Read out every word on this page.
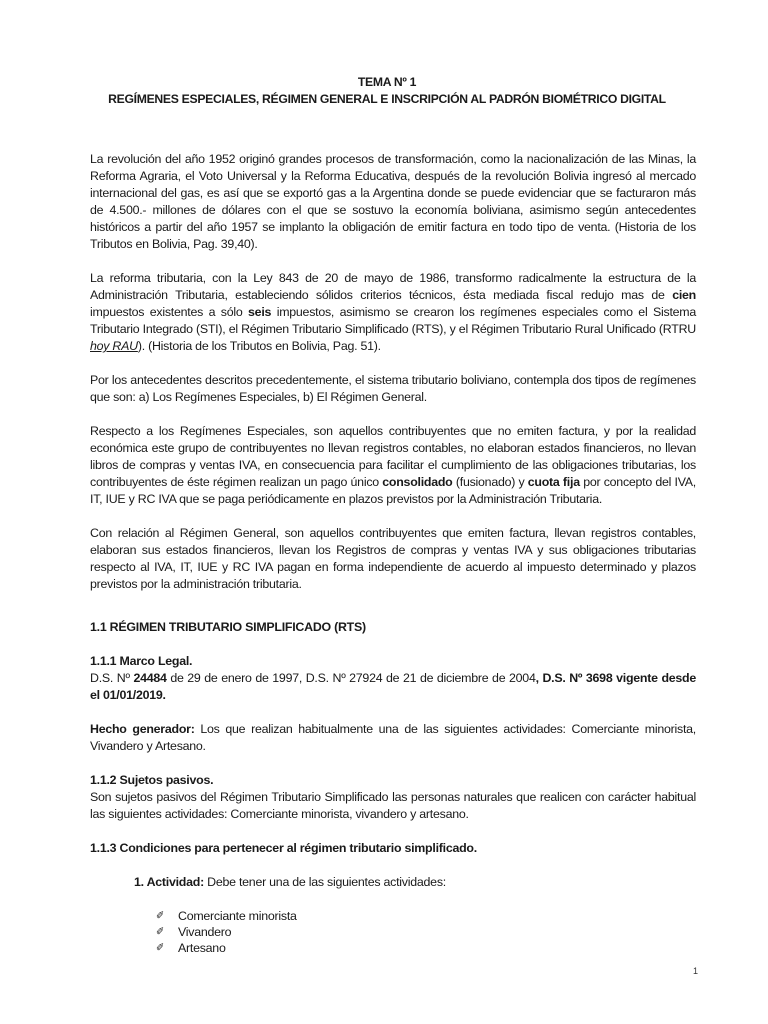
TEMA Nº 1
REGÍMENES ESPECIALES, RÉGIMEN GENERAL E INSCRIPCIÓN AL PADRÓN BIOMÉTRICO DIGITAL

La revolución del año 1952 originó grandes procesos de transformación, como la nacionalización de las Minas, la Reforma Agraria, el Voto Universal y la Reforma Educativa, después de la revolución Bolivia ingresó al mercado internacional del gas, es así que se exportó gas a la Argentina donde se puede evidenciar que se facturaron más de 4.500.- millones de dólares con el que se sostuvo la economía boliviana, asimismo según antecedentes históricos a partir del año 1957 se implanto la obligación de emitir factura en todo tipo de venta. (Historia de los Tributos en Bolivia, Pag. 39,40).

La reforma tributaria, con la Ley 843 de 20 de mayo de 1986, transformo radicalmente la estructura de la Administración Tributaria, estableciendo sólidos criterios técnicos, ésta mediada fiscal redujo mas de cien impuestos existentes a sólo seis impuestos, asimismo se crearon los regímenes especiales como el Sistema Tributario Integrado (STI), el Régimen Tributario Simplificado (RTS), y el Régimen Tributario Rural Unificado (RTRU hoy RAU). (Historia de los Tributos en Bolivia, Pag. 51).

Por los antecedentes descritos precedentemente, el sistema tributario boliviano, contempla dos tipos de regímenes que son: a) Los Regímenes Especiales, b) El Régimen General.

Respecto a los Regímenes Especiales, son aquellos contribuyentes que no emiten factura, y por la realidad económica este grupo de contribuyentes no llevan registros contables, no elaboran estados financieros, no llevan libros de compras y ventas IVA, en consecuencia para facilitar el cumplimiento de las obligaciones tributarias, los contribuyentes de éste régimen realizan un pago único consolidado (fusionado) y cuota fija por concepto del IVA, IT, IUE y RC IVA que se paga periódicamente en plazos previstos por la Administración Tributaria.

Con relación al Régimen General, son aquellos contribuyentes que emiten factura, llevan registros contables, elaboran sus estados financieros, llevan los Registros de compras y ventas IVA y sus obligaciones tributarias respecto al IVA, IT, IUE y RC IVA pagan en forma independiente de acuerdo al impuesto determinado y plazos previstos por la administración tributaria.

1.1 RÉGIMEN TRIBUTARIO SIMPLIFICADO (RTS)

1.1.1 Marco Legal.

D.S. Nº 24484 de 29 de enero de 1997, D.S. Nº 27924 de 21 de diciembre de 2004, D.S. Nº 3698 vigente desde el 01/01/2019.

Hecho generador: Los que realizan habitualmente una de las siguientes actividades: Comerciante minorista, Vivandero y Artesano.

1.1.2 Sujetos pasivos.

Son sujetos pasivos del Régimen Tributario Simplificado las personas naturales que realicen con carácter habitual las siguientes actividades: Comerciante minorista, vivandero y artesano.

1.1.3 Condiciones para pertenecer al régimen tributario simplificado.

1. Actividad: Debe tener una de las siguientes actividades:

✐ Comerciante minorista
✐ Vivandero
✐ Artesano
1
